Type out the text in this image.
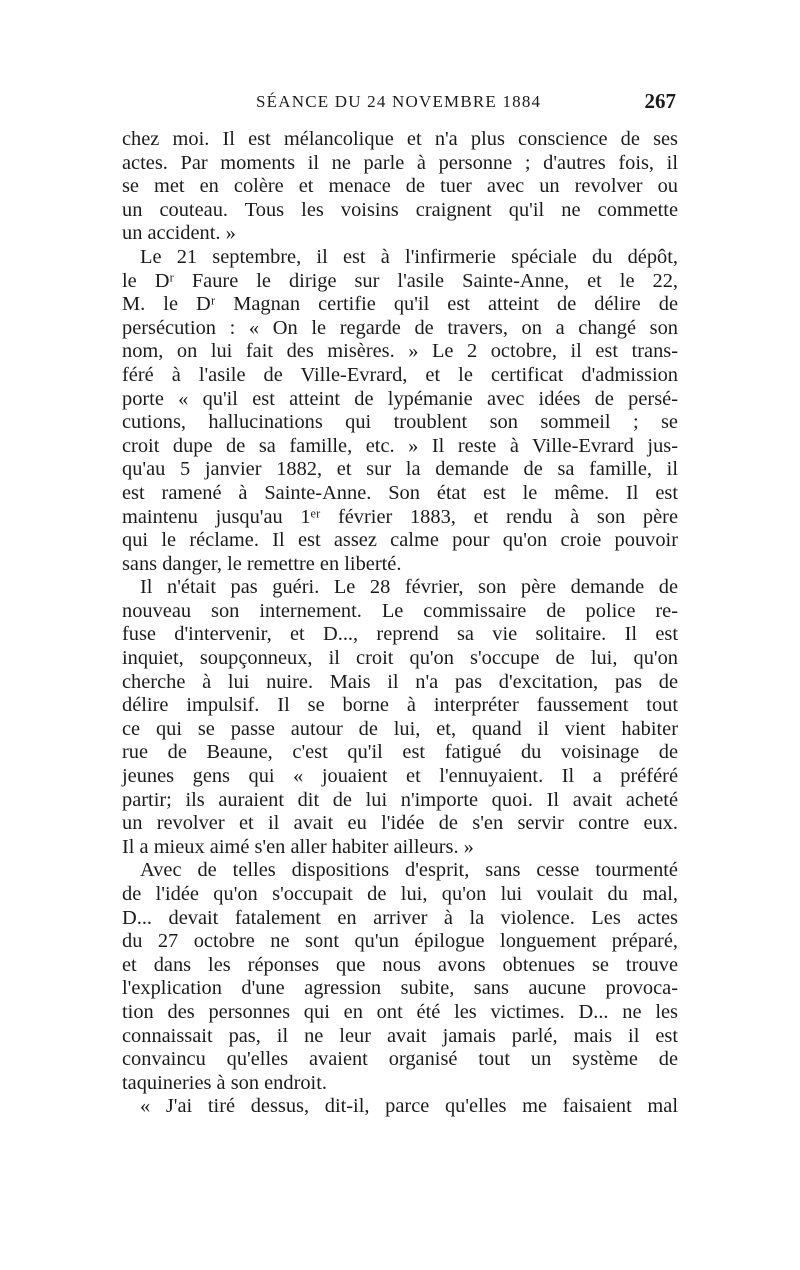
SÉANCE DU 24 NOVEMBRE 1884	267
chez moi. Il est mélancolique et n'a plus conscience de ses
actes. Par moments il ne parle à personne ; d'autres fois, il
se met en colère et menace de tuer avec un revolver ou
un couteau. Tous les voisins craignent qu'il ne commette
un accident. »
Le 21 septembre, il est à l'infirmerie spéciale du dépôt,
le Dʳ Faure le dirige sur l'asile Sainte-Anne, et le 22,
M. le Dʳ Magnan certifie qu'il est atteint de délire de
persécution : « On le regarde de travers, on a changé son
nom, on lui fait des misères. » Le 2 octobre, il est trans-
féré à l'asile de Ville-Evrard, et le certificat d'admission
porte « qu'il est atteint de lypémanie avec idées de persé-
cutions, hallucinations qui troublent son sommeil ; se
croit dupe de sa famille, etc. » Il reste à Ville-Evrard jus-
qu'au 5 janvier 1882, et sur la demande de sa famille, il
est ramené à Sainte-Anne. Son état est le même. Il est
maintenu jusqu'au 1ᵉʳ février 1883, et rendu à son père
qui le réclame. Il est assez calme pour qu'on croie pouvoir
sans danger, le remettre en liberté.
Il n'était pas guéri. Le 28 février, son père demande de
nouveau son internement. Le commissaire de police re-
fuse d'intervenir, et D..., reprend sa vie solitaire. Il est
inquiet, soupçonneux, il croit qu'on s'occupe de lui, qu'on
cherche à lui nuire. Mais il n'a pas d'excitation, pas de
délire impulsif. Il se borne à interpréter faussement tout
ce qui se passe autour de lui, et, quand il vient habiter
rue de Beaune, c'est qu'il est fatigué du voisinage de
jeunes gens qui « jouaient et l'ennuyaient. Il a préféré
partir; ils auraient dit de lui n'importe quoi. Il avait acheté
un revolver et il avait eu l'idée de s'en servir contre eux.
Il a mieux aimé s'en aller habiter ailleurs. »
Avec de telles dispositions d'esprit, sans cesse tourmenté
de l'idée qu'on s'occupait de lui, qu'on lui voulait du mal,
D... devait fatalement en arriver à la violence. Les actes
du 27 octobre ne sont qu'un épilogue longuement préparé,
et dans les réponses que nous avons obtenues se trouve
l'explication d'une agression subite, sans aucune provoca-
tion des personnes qui en ont été les victimes. D... ne les
connaissait pas, il ne leur avait jamais parlé, mais il est
convaincu qu'elles avaient organisé tout un système de
taquineries à son endroit.
« J'ai tiré dessus, dit-il, parce qu'elles me faisaient mal
